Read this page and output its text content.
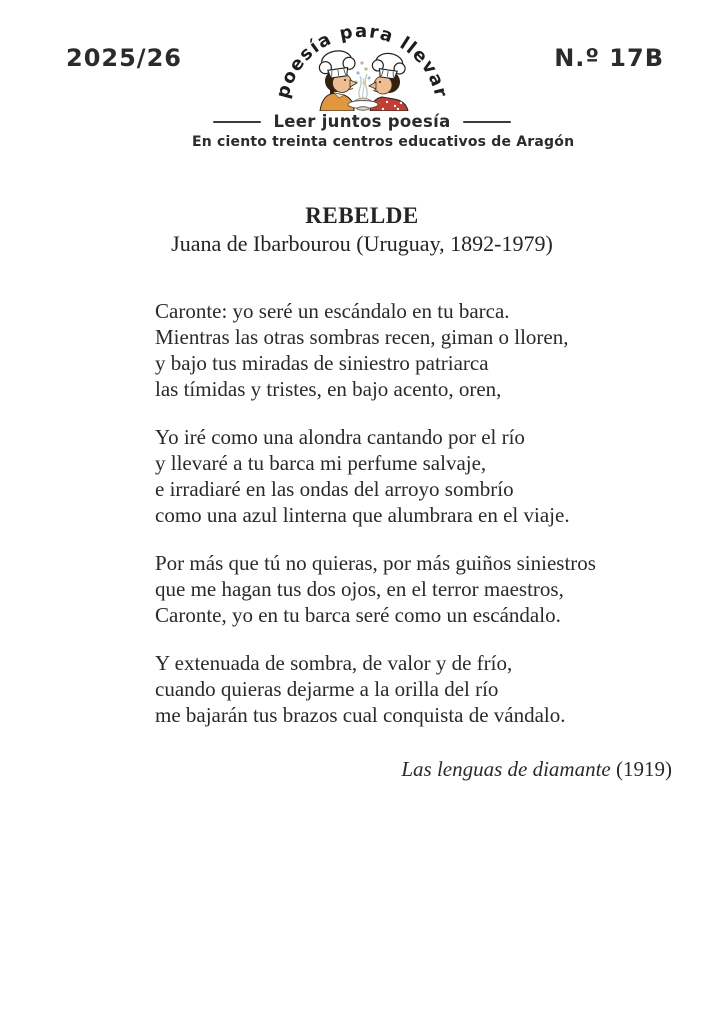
2025/26	N.º 17B
poesía para llevar
Leer juntos poesía
En ciento treinta centros educativos de Aragón
REBELDE
Juana de Ibarbourou (Uruguay, 1892-1979)
Caronte: yo seré un escándalo en tu barca.
Mientras las otras sombras recen, giman o lloren,
y bajo tus miradas de siniestro patriarca
las tímidas y tristes, en bajo acento, oren,
Yo iré como una alondra cantando por el río
y llevaré a tu barca mi perfume salvaje,
e irradiaré en las ondas del arroyo sombrío
como una azul linterna que alumbrara en el viaje.
Por más que tú no quieras, por más guiños siniestros
que me hagan tus dos ojos, en el terror maestros,
Caronte, yo en tu barca seré como un escándalo.
Y extenuada de sombra, de valor y de frío,
cuando quieras dejarme a la orilla del río
me bajarán tus brazos cual conquista de vándalo.
Las lenguas de diamante (1919)
